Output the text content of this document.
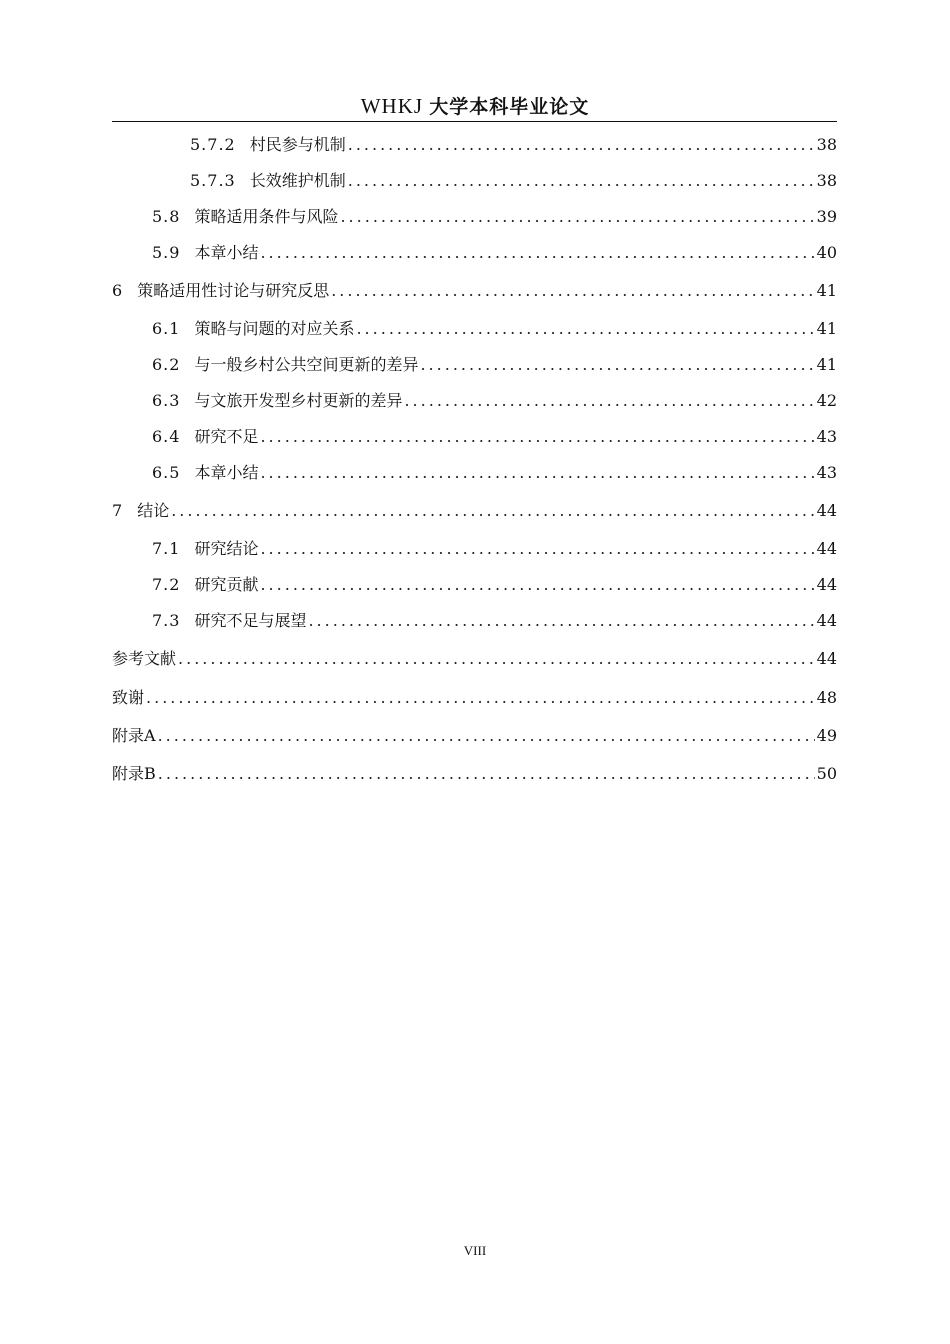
WHKJ 大学本科毕业论文
5.7.2 村民参与机制 .....	38
5.7.3 长效维护机制 .....	38
5.8 策略适用条件与风险 .....	39
5.9 本章小结 .....	40
6 策略适用性讨论与研究反思 .....	41
6.1 策略与问题的对应关系 .....	41
6.2 与一般乡村公共空间更新的差异 .....	41
6.3 与文旅开发型乡村更新的差异 .....	42
6.4 研究不足 .....	43
6.5 本章小结 .....	43
7 结论 .....	44
7.1 研究结论 .....	44
7.2 研究贡献 .....	44
7.3 研究不足与展望 .....	44
参考文献 .....	44
致谢 .....	48
附录A .....	49
附录B .....	50
VIII
